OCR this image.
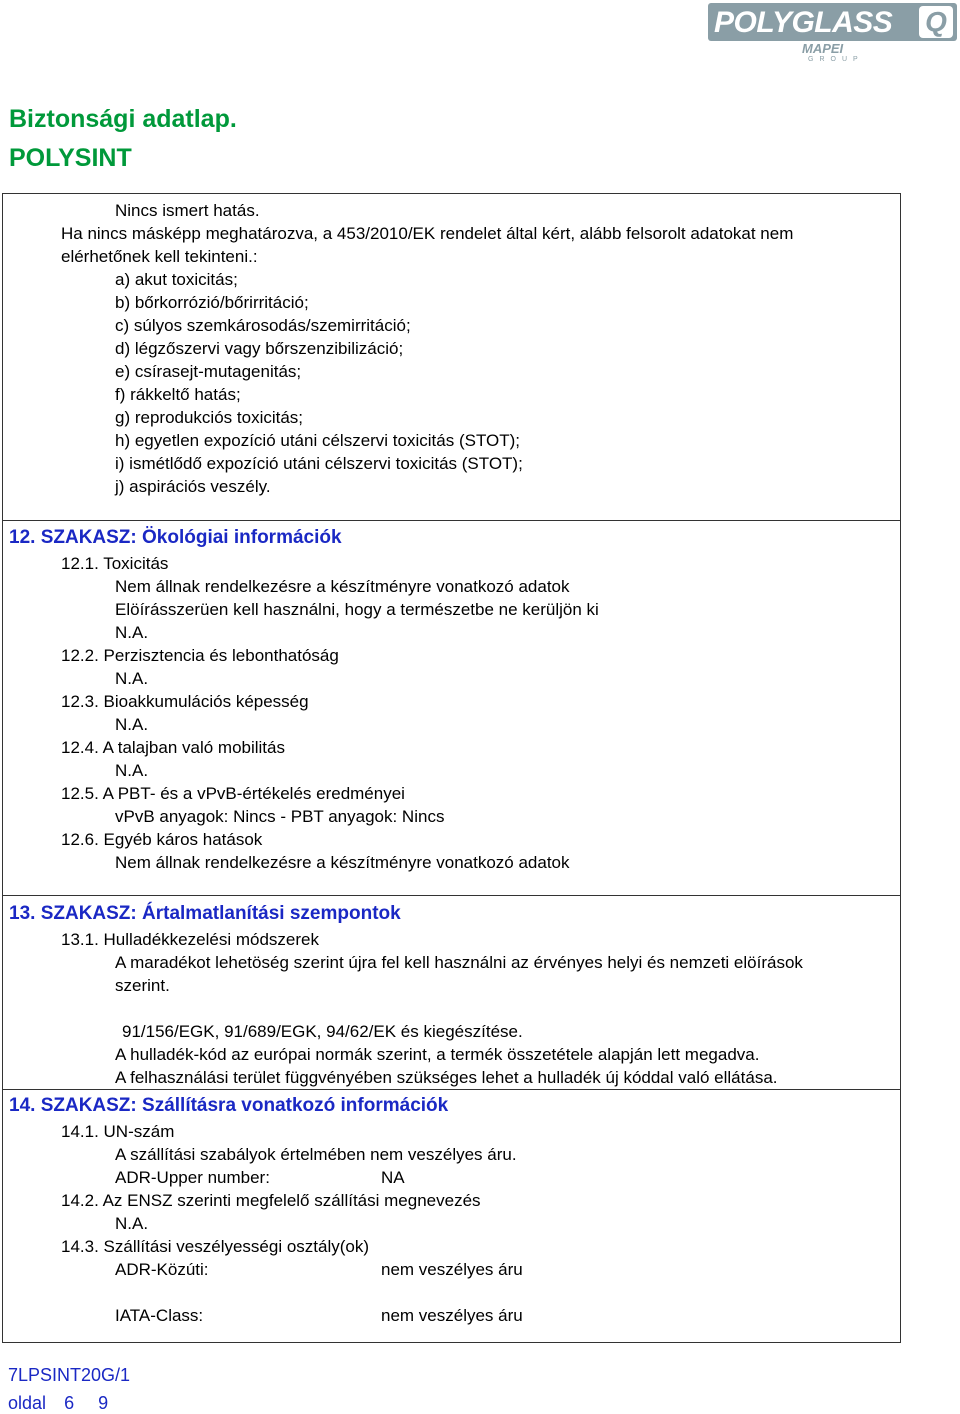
POLYGLASS Q
MAPEI
GROUP
Biztonsági adatlap.
POLYSINT
Nincs ismert hatás.
Ha nincs másképp meghatározva, a 453/2010/EK rendelet által kért, alább felsorolt adatokat nem
elérhetőnek kell tekinteni.:
a) akut toxicitás;
b) bőrkorrózió/bőrirritáció;
c) súlyos szemkárosodás/szemirritáció;
d) légzőszervi vagy bőrszenzibilizáció;
e) csírasejt-mutagenitás;
f) rákkeltő hatás;
g) reprodukciós toxicitás;
h) egyetlen expozíció utáni célszervi toxicitás (STOT);
i) ismétlődő expozíció utáni célszervi toxicitás (STOT);
j) aspirációs veszély.
12. SZAKASZ: Ökológiai információk
12.1. Toxicitás
Nem állnak rendelkezésre a készítményre vonatkozó adatok
Elöírásszerüen kell használni, hogy a természetbe ne kerüljön ki
N.A.
12.2. Perzisztencia és lebonthatóság
N.A.
12.3. Bioakkumulációs képesség
N.A.
12.4. A talajban való mobilitás
N.A.
12.5. A PBT- és a vPvB-értékelés eredményei
vPvB anyagok: Nincs - PBT anyagok: Nincs
12.6. Egyéb káros hatások
Nem állnak rendelkezésre a készítményre vonatkozó adatok
13. SZAKASZ: Ártalmatlanítási szempontok
13.1. Hulladékkezelési módszerek
A maradékot lehetöség szerint újra fel kell használni az érvényes helyi és nemzeti elöírások
szerint.
91/156/EGK, 91/689/EGK, 94/62/EK és kiegészítése.
A hulladék-kód az európai normák szerint, a termék összetétele alapján lett megadva.
A felhasználási terület függvényében szükséges lehet a hulladék új kóddal való ellátása.
14. SZAKASZ: Szállításra vonatkozó információk
14.1. UN-szám
A szállítási szabályok értelmében nem veszélyes áru.
ADR-Upper number:	NA
14.2. Az ENSZ szerinti megfelelő szállítási megnevezés
N.A.
14.3. Szállítási veszélyességi osztály(ok)
ADR-Közúti:	nem veszélyes áru
IATA-Class:	nem veszélyes áru
7LPSINT20G/1
oldal 6 9
